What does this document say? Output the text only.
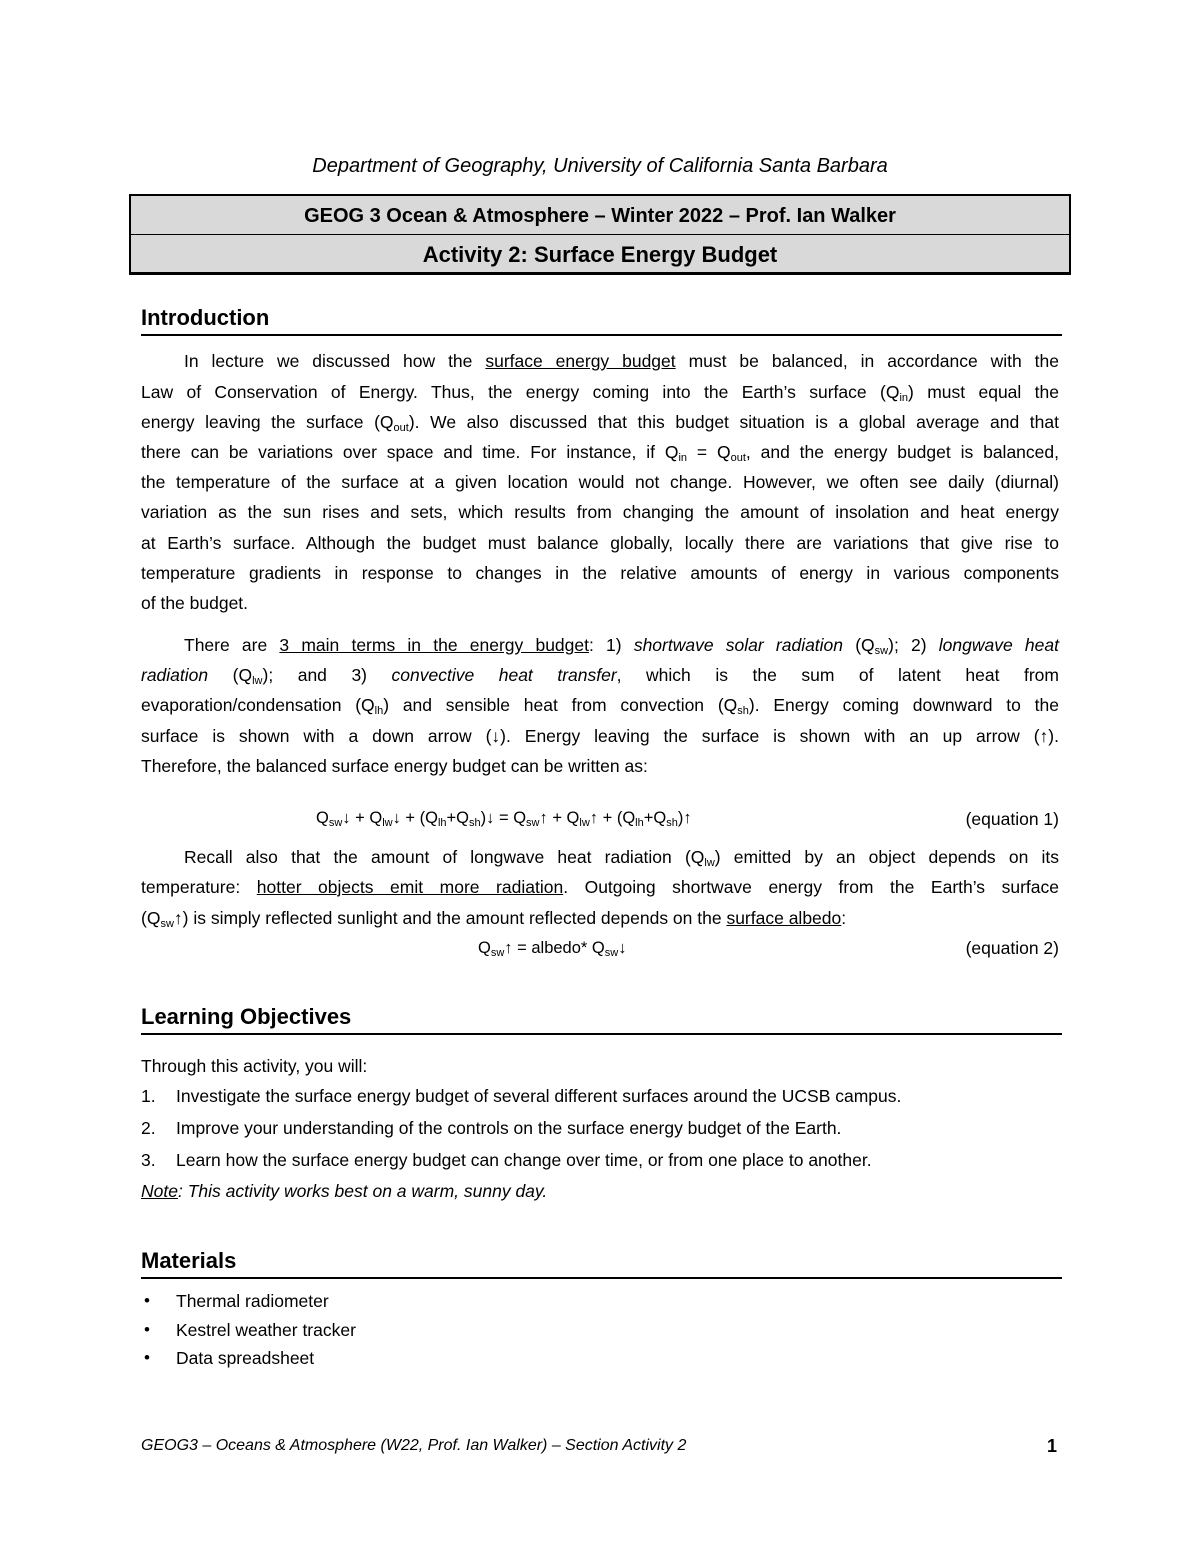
Department of Geography, University of California Santa Barbara
GEOG 3 Ocean & Atmosphere – Winter 2022 – Prof. Ian Walker
Activity 2: Surface Energy Budget
Introduction
In lecture we discussed how the surface energy budget must be balanced, in accordance with the
Law of Conservation of Energy. Thus, the energy coming into the Earth’s surface $(Q_{in})$ must equal the
energy leaving the surface $(Q_{out})$. We also discussed that this budget situation is a global average and that
there can be variations over space and time. For instance, if $Q_{in} = Q_{out}$, and the energy budget is balanced,
the temperature of the surface at a given location would not change. However, we often see daily (diurnal)
variation as the sun rises and sets, which results from changing the amount of insolation and heat energy
at Earth’s surface. Although the budget must balance globally, locally there are variations that give rise to
temperature gradients in response to changes in the relative amounts of energy in various components
of the budget.
There are 3 main terms in the energy budget: 1) shortwave solar radiation $(Q_{sw})$; 2) longwave heat
radiation $(Q_{lw})$; and 3) convective heat transfer, which is the sum of latent heat from
evaporation/condensation $(Q_{lh})$ and sensible heat from convection $(Q_{sh})$. Energy coming downward to the
surface is shown with a down arrow (↓). Energy leaving the surface is shown with an up arrow (↑).
Therefore, the balanced surface energy budget can be written as:
$Q_{sw}↓$ + $Q_{lw}↓$ + $(Q_{lh}+Q_{sh})↓$ = $Q_{sw}↑$ + $Q_{lw}↑$ + $(Q_{lh}+Q_{sh})↑$	(equation 1)
Recall also that the amount of longwave heat radiation $(Q_{lw})$ emitted by an object depends on its
temperature: hotter objects emit more radiation. Outgoing shortwave energy from the Earth’s surface
$(Q_{sw}↑)$ is simply reflected sunlight and the amount reflected depends on the surface albedo:
$Q_{sw}↑$ = albedo* $Q_{sw}↓$	(equation 2)
Learning Objectives
Through this activity, you will:
1. Investigate the surface energy budget of several different surfaces around the UCSB campus.
2. Improve your understanding of the controls on the surface energy budget of the Earth.
3. Learn how the surface energy budget can change over time, or from one place to another.
Note: This activity works best on a warm, sunny day.
Materials
• Thermal radiometer
• Kestrel weather tracker
• Data spreadsheet
GEOG3 – Oceans & Atmosphere (W22, Prof. Ian Walker) – Section Activity 2	1
